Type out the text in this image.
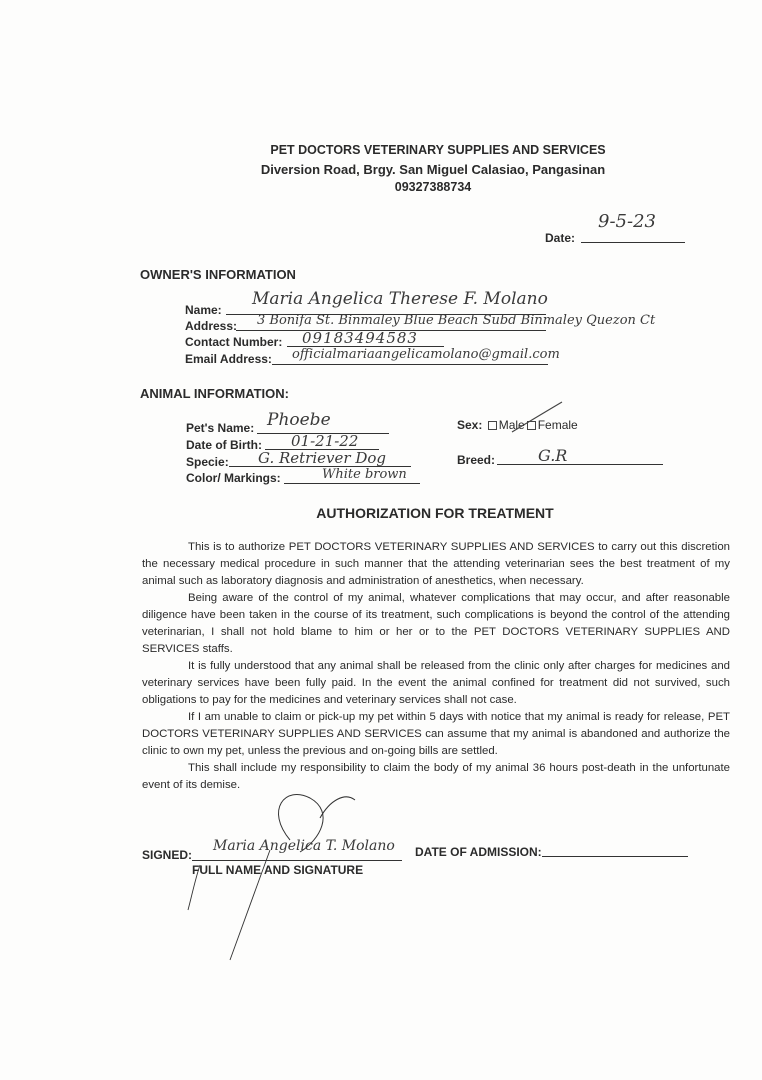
PET DOCTORS VETERINARY SUPPLIES AND SERVICES
Diversion Road, Brgy. San Miguel Calasiao, Pangasinan
09327388734
Date:
9-5-23
OWNER'S INFORMATION
Name:
Maria Angelica Therese F. Molano
Address: 3 Bonifa St. Binmaley Blue Beach Subd Binmaley Quezon Ct
Contact Number: 09183494583
Email Address: officialmariaangelicamolano@gmail.com
ANIMAL INFORMATION:
Pet's Name: Phoebe
Date of Birth: 01-21-22
Specie: G. Retriever Dog
Color/ Markings:	White brown
Sex: Male Female
Breed:	G.R
AUTHORIZATION FOR TREATMENT

This is to authorize PET DOCTORS VETERINARY SUPPLIES AND SERVICES to carry out this discretion the necessary medical procedure in such manner that the attending veterinarian sees the best treatment of my animal such as laboratory diagnosis and administration of anesthetics, when necessary.

Being aware of the control of my animal, whatever complications that may occur, and after reasonable diligence have been taken in the course of its treatment, such complications is beyond the control of the attending veterinarian, I shall not hold blame to him or her or to the PET DOCTORS VETERINARY SUPPLIES AND SERVICES staffs.

It is fully understood that any animal shall be released from the clinic only after charges for medicines and veterinary services have been fully paid. In the event the animal confined for treatment did not survived, such obligations to pay for the medicines and veterinary services shall not case.

If I am unable to claim or pick-up my pet within 5 days with notice that my animal is ready for release, PET DOCTORS VETERINARY SUPPLIES AND SERVICES can assume that my animal is abandoned and authorize the clinic to own my pet, unless the previous and on-going bills are settled.

This shall include my responsibility to claim the body of my animal 36 hours post-death in the unfortunate event of its demise.

SIGNED:
Maria Angelica T. Molano
FULL NAME AND SIGNATURE
DATE OF ADMISSION:
